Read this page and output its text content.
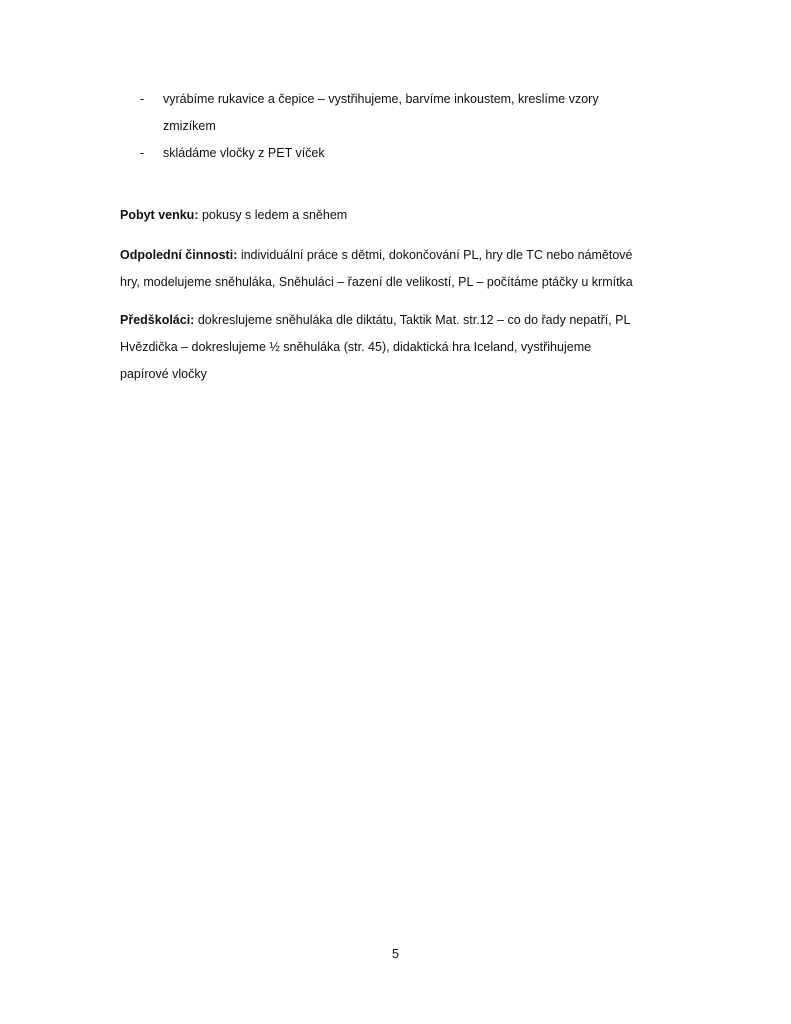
- vyrábíme rukavice a čepice – vystřihujeme, barvíme inkoustem, kreslíme vzory
zmizíkem
- skládáme vločky z PET víček

Pobyt venku: pokusy s ledem a sněhem

Odpolední činnosti: individuální práce s dětmi, dokončování PL, hry dle TC nebo námětové
hry, modelujeme sněhuláka, Sněhuláci – řazení dle velikostí, PL – počítáme ptáčky u krmítka

Předškoláci: dokreslujeme sněhuláka dle diktátu, Taktik Mat. str.12 – co do řady nepatří, PL
Hvězdička – dokreslujeme ½ sněhuláka (str. 45), didaktická hra Iceland, vystřihujeme
papírové vločky

5
